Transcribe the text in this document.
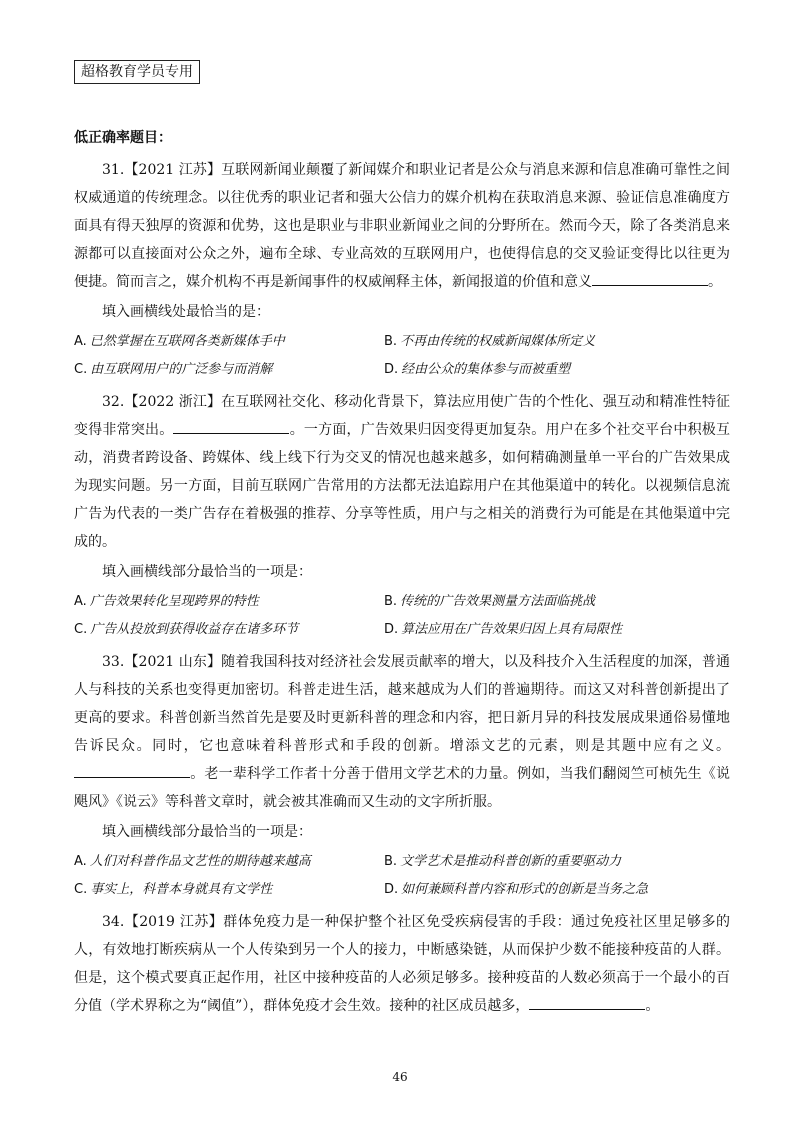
超格教育学员专用
低正确率题目：

31.【2021 江苏】互联网新闻业颠覆了新闻媒介和职业记者是公众与消息来源和信息准确可靠性之间权威通道的传统理念。以往优秀的职业记者和强大公信力的媒介机构在获取消息来源、验证信息准确度方面具有得天独厚的资源和优势，这也是职业与非职业新闻业之间的分野所在。然而今天，除了各类消息来源都可以直接面对公众之外，遍布全球、专业高效的互联网用户，也使得信息的交叉验证变得比以往更为便捷。简而言之，媒介机构不再是新闻事件的权威阐释主体，新闻报道的价值和意义	。

填入画横线处最恰当的是：
A. 已然掌握在互联网各类新媒体手中	B. 不再由传统的权威新闻媒体所定义
C. 由互联网用户的广泛参与而消解	D. 经由公众的集体参与而被重塑

32.【2022 浙江】在互联网社交化、移动化背景下，算法应用使广告的个性化、强互动和精准性特征变得非常突出。	。一方面，广告效果归因变得更加复杂。用户在多个社交平台中积极互动，消费者跨设备、跨媒体、线上线下行为交叉的情况也越来越多，如何精确测量单一平台的广告效果成为现实问题。另一方面，目前互联网广告常用的方法都无法追踪用户在其他渠道中的转化。以视频信息流广告为代表的一类广告存在着极强的推荐、分享等性质，用户与之相关的消费行为可能是在其他渠道中完成的。

填入画横线部分最恰当的一项是：
A. 广告效果转化呈现跨界的特性	B. 传统的广告效果测量方法面临挑战
C. 广告从投放到获得收益存在诸多环节	D. 算法应用在广告效果归因上具有局限性

33.【2021 山东】随着我国科技对经济社会发展贡献率的增大，以及科技介入生活程度的加深，普通人与科技的关系也变得更加密切。科普走进生活，越来越成为人们的普遍期待。而这又对科普创新提出了更高的要求。科普创新当然首先是要及时更新科普的理念和内容，把日新月异的科技发展成果通俗易懂地告诉民众。同时，它也意味着科普形式和手段的创新。增添文艺的元素，则是其题中应有之义。。老一辈科学工作者十分善于借用文学艺术的力量。例如，当我们翻阅竺可桢先生《说飓风》《说云》等科普文章时，就会被其准确而又生动的文字所折服。

填入画横线部分最恰当的一项是：
A. 人们对科普作品文艺性的期待越来越高	B. 文学艺术是推动科普创新的重要驱动力
C. 事实上，科普本身就具有文学性	D. 如何兼顾科普内容和形式的创新是当务之急

34.【2019 江苏】群体免疫力是一种保护整个社区免受疾病侵害的手段：通过免疫社区里足够多的人，有效地打断疾病从一个人传染到另一个人的接力，中断感染链，从而保护少数不能接种疫苗的人群。但是，这个模式要真正起作用，社区中接种疫苗的人必须足够多。接种疫苗的人数必须高于一个最小的百分值（学术界称之为“阈值”），群体免疫才会生效。接种的社区成员越多，	。

46
